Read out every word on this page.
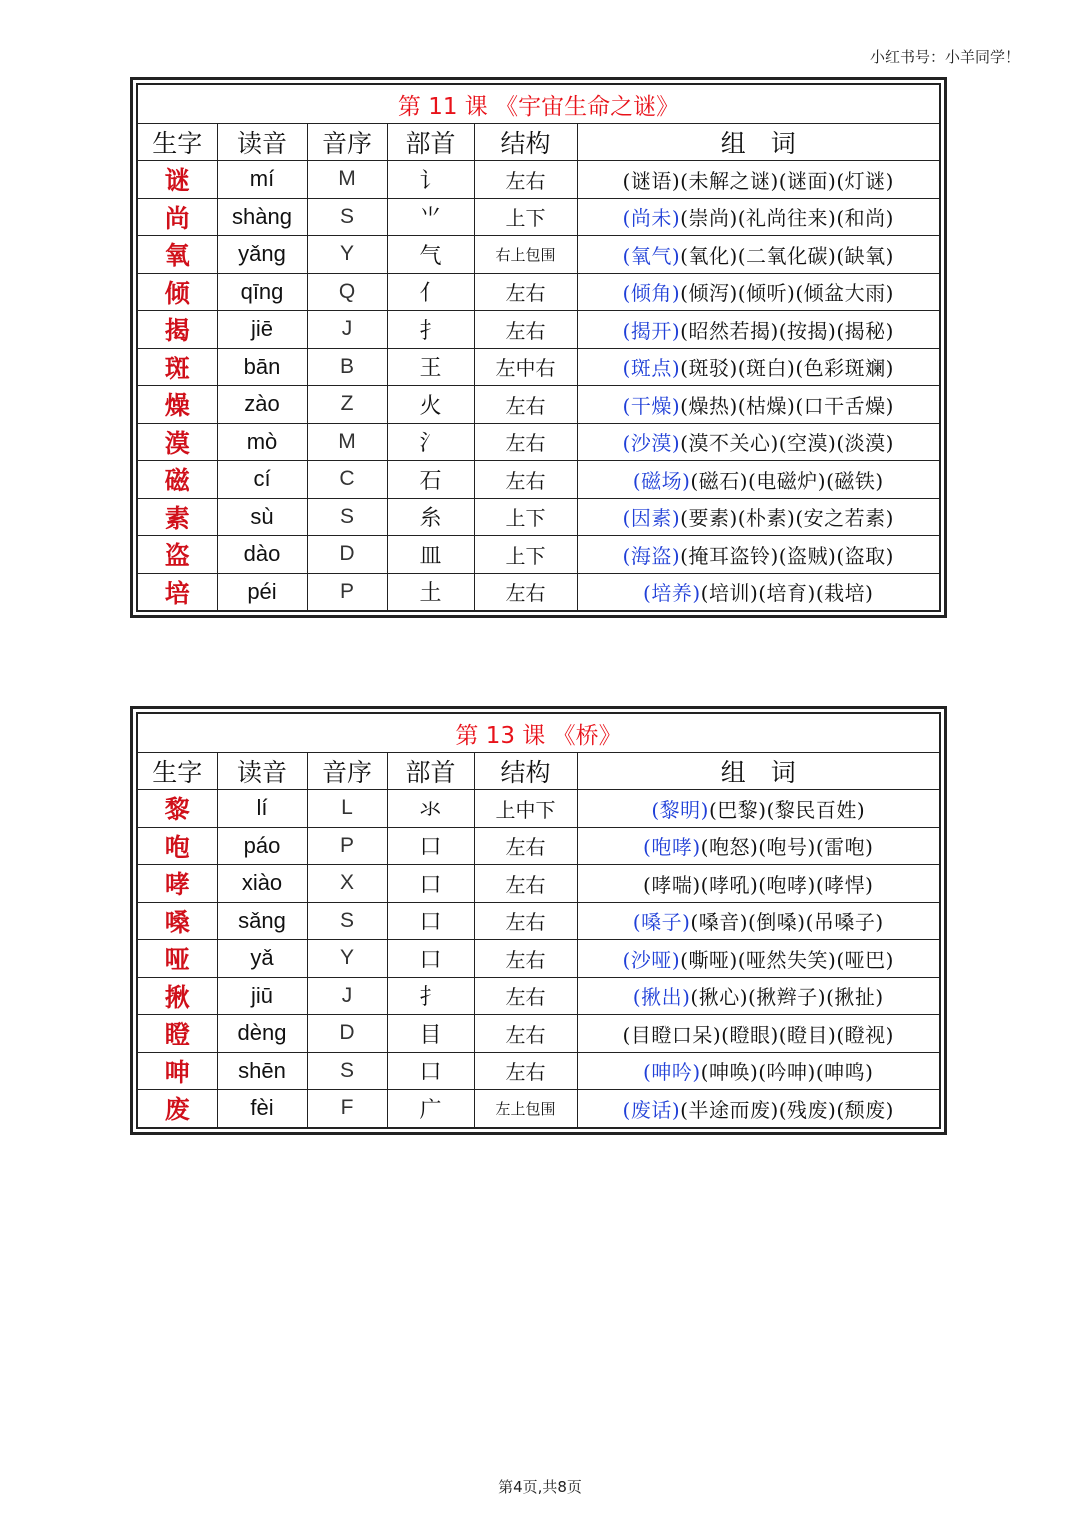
小红书号：小羊同学！
第 11 课 《宇宙生命之谜》					
生字	读音	音序	部首	结构	组　词
谜	mí	M	讠	左右	(谜语)(未解之谜)(谜面)(灯谜)
尚	shàng	S	⺌	上下	(尚未)(崇尚)(礼尚往来)(和尚)
氧	yǎng	Y	气	右上包围	(氧气)(氧化)(二氧化碳)(缺氧)
倾	qīng	Q	亻	左右	(倾角)(倾泻)(倾听)(倾盆大雨)
揭	jiē	J	扌	左右	(揭开)(昭然若揭)(按揭)(揭秘)
斑	bān	B	王	左中右	(斑点)(斑驳)(斑白)(色彩斑斓)
燥	zào	Z	火	左右	(干燥)(燥热)(枯燥)(口干舌燥)
漠	mò	M	氵	左右	(沙漠)(漠不关心)(空漠)(淡漠)
磁	cí	C	石	左右	(磁场)(磁石)(电磁炉)(磁铁)
素	sù	S	糸	上下	(因素)(要素)(朴素)(安之若素)
盗	dào	D	皿	上下	(海盗)(掩耳盗铃)(盗贼)(盗取)
培	péi	P	土	左右	(培养)(培训)(培育)(栽培)
第 13 课 《桥》					
生字	读音	音序	部首	结构	组　词
黎	lí	L	氺	上中下	(黎明)(巴黎)(黎民百姓)
咆	páo	P	口	左右	(咆哮)(咆怒)(咆号)(雷咆)
哮	xiào	X	口	左右	(哮喘)(哮吼)(咆哮)(哮悍)
嗓	sǎng	S	口	左右	(嗓子)(嗓音)(倒嗓)(吊嗓子)
哑	yǎ	Y	口	左右	(沙哑)(嘶哑)(哑然失笑)(哑巴)
揪	jiū	J	扌	左右	(揪出)(揪心)(揪辫子)(揪扯)
瞪	dèng	D	目	左右	(目瞪口呆)(瞪眼)(瞪目)(瞪视)
呻	shēn	S	口	左右	(呻吟)(呻唤)(吟呻)(呻鸣)
废	fèi	F	广	左上包围	(废话)(半途而废)(残废)(颓废)
第4页,共8页
